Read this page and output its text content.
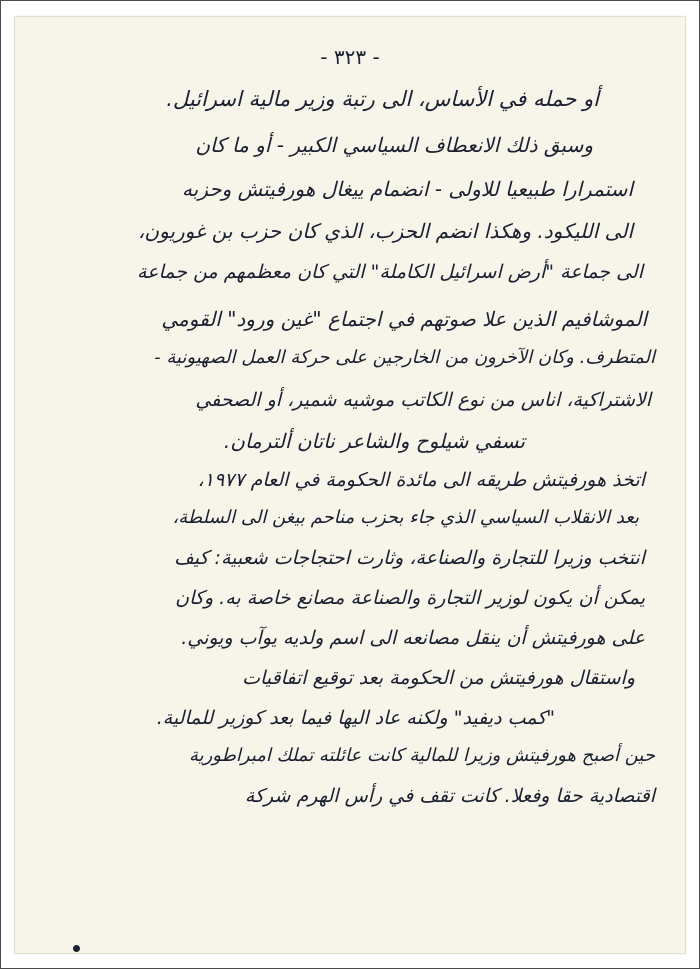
- ٣٢٣ -
أو حمله في الأساس، الى رتبة وزير مالية اسرائيل.
وسبق ذلك الانعطاف السياسي الكبير - أو ما كان
استمرارا طبيعيا للاولى - انضمام ييغال هورفيتش وحزبه
الى الليكود. وهكذا انضم الحزب، الذي كان حزب بن غوريون،
الى جماعة "أرض اسرائيل الكاملة" التي كان معظمهم من جماعة
الموشافيم الذين علا صوتهم في اجتماع "غين ورود" القومي
المتطرف. وكان الآخرون من الخارجين على حركة العمل الصهيونية -
الاشتراكية، اناس من نوع الكاتب موشيه شمير، أو الصحفي
تسفي شيلوح والشاعر ناتان ألترمان.
اتخذ هورفيتش طريقه الى مائدة الحكومة في العام ١٩٧٧،
بعد الانقلاب السياسي الذي جاء بحزب مناحم بيغن الى السلطة،
انتخب وزيرا للتجارة والصناعة، وثارت احتجاجات شعبية: كيف
يمكن أن يكون لوزير التجارة والصناعة مصانع خاصة به. وكان
على هورفيتش أن ينقل مصانعه الى اسم ولديه يوآب ويوني.
واستقال هورفيتش من الحكومة بعد توقيع اتفاقيات
"كمب ديفيد" ولكنه عاد اليها فيما بعد كوزير للمالية.
حين أصبح هورفيتش وزيرا للمالية كانت عائلته تملك امبراطورية
اقتصادية حقا وفعلا. كانت تقف في رأس الهرم شركة
